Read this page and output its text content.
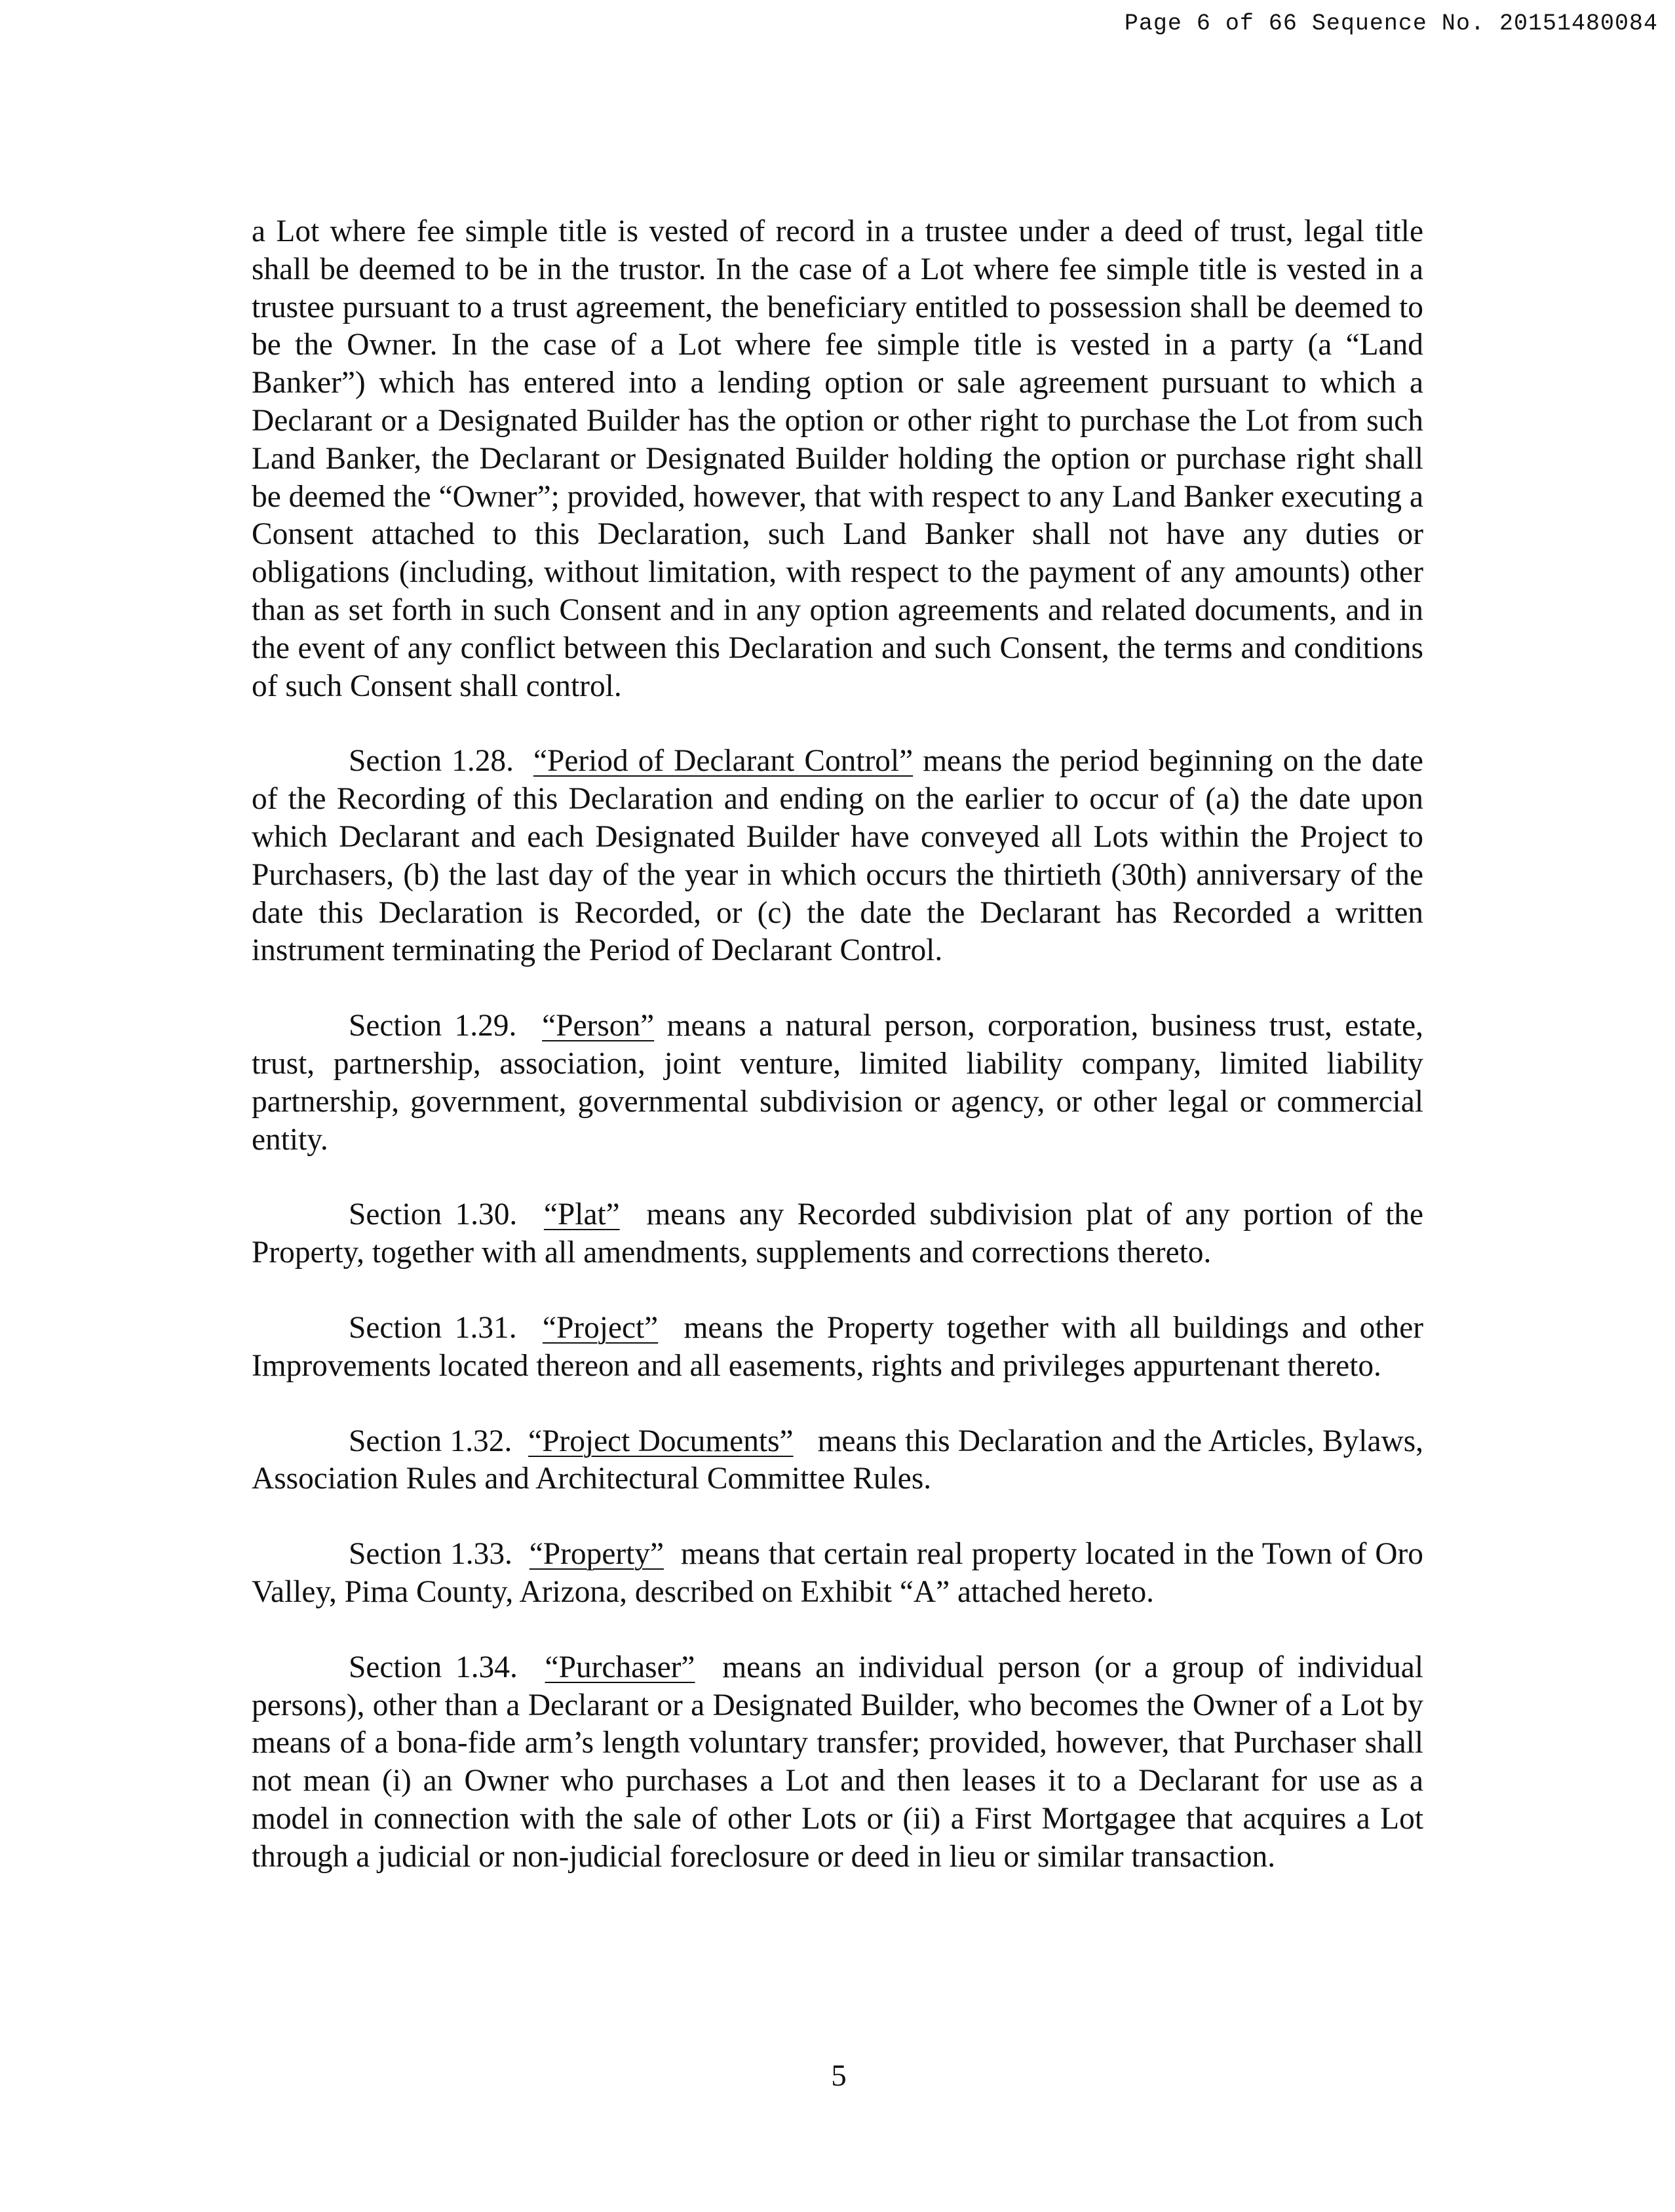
Page 6 of 66 Sequence No. 20151480084

a Lot where fee simple title is vested of record in a trustee under a deed of trust, legal title shall be deemed to be in the trustor. In the case of a Lot where fee simple title is vested in a trustee pursuant to a trust agreement, the beneficiary entitled to possession shall be deemed to be the Owner. In the case of a Lot where fee simple title is vested in a party (a “Land Banker”) which has entered into a lending option or sale agreement pursuant to which a Declarant or a Designated Builder has the option or other right to purchase the Lot from such Land Banker, the Declarant or Designated Builder holding the option or purchase right shall be deemed the “Owner”; provided, however, that with respect to any Land Banker executing a Consent attached to this Declaration, such Land Banker shall not have any duties or obligations (including, without limitation, with respect to the payment of any amounts) other than as set forth in such Consent and in any option agreements and related documents, and in the event of any conflict between this Declaration and such Consent, the terms and conditions of such Consent shall control.

Section 1.28. “Period of Declarant Control” means the period beginning on the date of the Recording of this Declaration and ending on the earlier to occur of (a) the date upon which Declarant and each Designated Builder have conveyed all Lots within the Project to Purchasers, (b) the last day of the year in which occurs the thirtieth (30th) anniversary of the date this Declaration is Recorded, or (c) the date the Declarant has Recorded a written instrument terminating the Period of Declarant Control.

Section 1.29. “Person” means a natural person, corporation, business trust, estate, trust, partnership, association, joint venture, limited liability company, limited liability partnership, government, governmental subdivision or agency, or other legal or commercial entity.

Section 1.30. “Plat” means any Recorded subdivision plat of any portion of the Property, together with all amendments, supplements and corrections thereto.

Section 1.31. “Project” means the Property together with all buildings and other Improvements located thereon and all easements, rights and privileges appurtenant thereto.

Section 1.32. “Project Documents” means this Declaration and the Articles, Bylaws, Association Rules and Architectural Committee Rules.

Section 1.33. “Property” means that certain real property located in the Town of Oro Valley, Pima County, Arizona, described on Exhibit “A” attached hereto.

Section 1.34. “Purchaser” means an individual person (or a group of individual persons), other than a Declarant or a Designated Builder, who becomes the Owner of a Lot by means of a bona-fide arm’s length voluntary transfer; provided, however, that Purchaser shall not mean (i) an Owner who purchases a Lot and then leases it to a Declarant for use as a model in connection with the sale of other Lots or (ii) a First Mortgagee that acquires a Lot through a judicial or non-judicial foreclosure or deed in lieu or similar transaction.

5
